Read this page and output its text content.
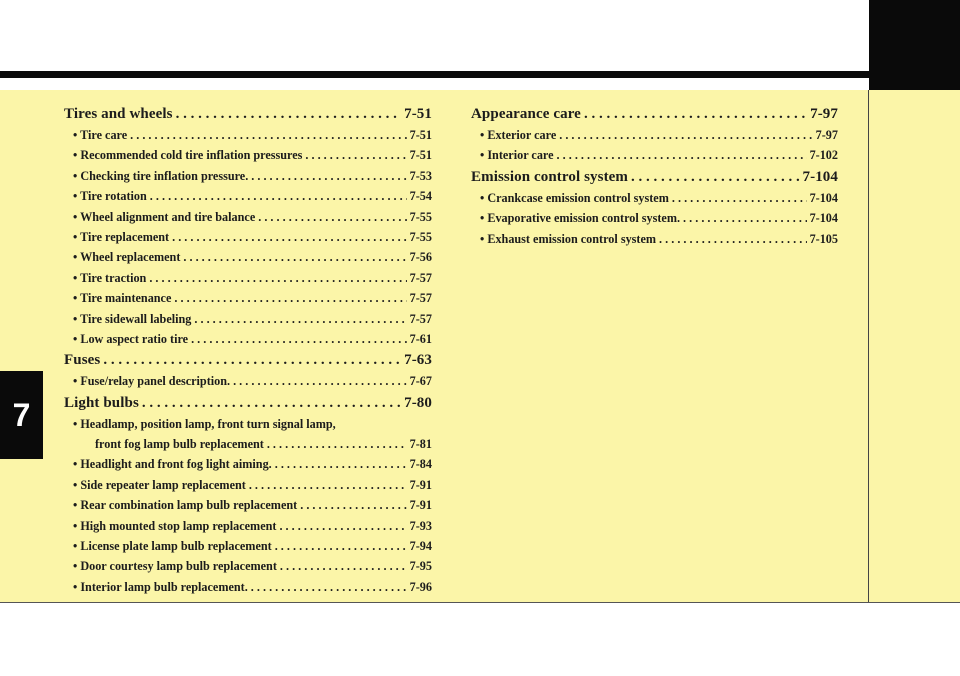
7
Tires and wheels . . .	7-51
• Tire care . . .	7-51
• Recommended cold tire inflation pressures . . .	7-51
• Checking tire inflation pressure. . . .	7-53
• Tire rotation . . .	7-54
• Wheel alignment and tire balance . . .	7-55
• Tire replacement . . .	7-55
• Wheel replacement . . .	7-56
• Tire traction . . .	7-57
• Tire maintenance . . .	7-57
• Tire sidewall labeling . . .	7-57
• Low aspect ratio tire . . .	7-61
Fuses . . .	7-63
• Fuse/relay panel description. . . .	7-67
Light bulbs . . .	7-80
• Headlamp, position lamp, front turn signal lamp,
front fog lamp bulb replacement . . .	7-81
• Headlight and front fog light aiming. . . .	7-84
• Side repeater lamp replacement . . .	7-91
• Rear combination lamp bulb replacement . . .	7-91
• High mounted stop lamp replacement . . .	7-93
• License plate lamp bulb replacement . . .	7-94
• Door courtesy lamp bulb replacement . . .	7-95
• Interior lamp bulb replacement. . . .	7-96
Appearance care . . .	7-97
• Exterior care . . .	7-97
• Interior care . . .	7-102
Emission control system . . .	7-104
• Crankcase emission control system . . .	7-104
• Evaporative emission control system. . . .	7-104
• Exhaust emission control system . . .	7-105
